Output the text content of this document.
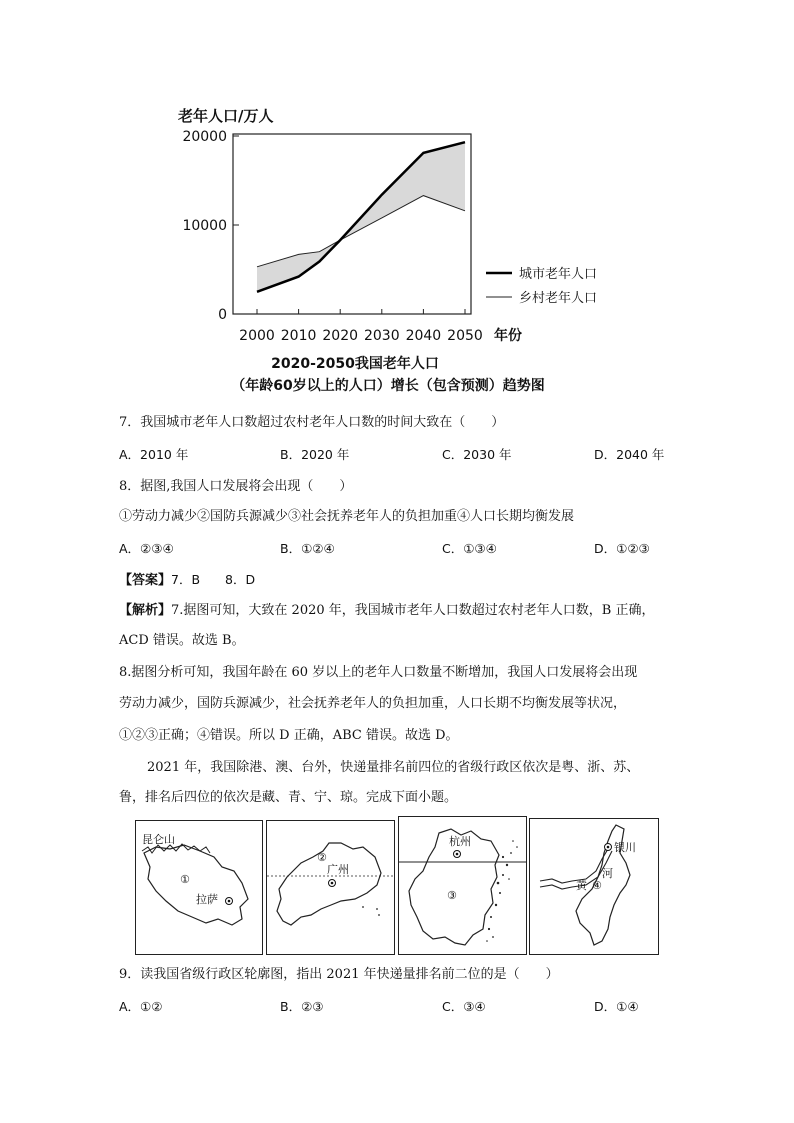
老年人口/万人
0
10000
20000
2000 2010 2020 2030 2040 2050 年份
城市老年人口
乡村老年人口
2020-2050我国老年人口
（年龄60岁以上的人口）增长（包含预测）趋势图
7．我国城市老年人口数超过农村老年人口数的时间大致在（　　）
A．2010 年	B．2020 年	C．2030 年	D．2040 年
8．据图,我国人口发展将会出现（　　）
①劳动力减少②国防兵源减少③社会抚养老年人的负担加重④人口长期均衡发展
A．②③④	B．①②④	C．①③④	D．①②③
【答案】7．B　　8．D
【解析】7.据图可知，大致在 2020 年，我国城市老年人口数超过农村老年人口数，B 正确，
ACD 错误。故选 B。
8.据图分析可知，我国年龄在 60 岁以上的老年人口数量不断增加，我国人口发展将会出现
劳动力减少，国防兵源减少，社会抚养老年人的负担加重，人口长期不均衡发展等状况，
①②③正确；④错误。所以 D 正确，ABC 错误。故选 D。
2021 年，我国除港、澳、台外，快递量排名前四位的省级行政区依次是粤、浙、苏、
鲁，排名后四位的依次是藏、青、宁、琼。完成下面小题。
昆仑山
①
拉萨
②
广州
杭州
③
银川
河
黄 ④
9．读我国省级行政区轮廓图，指出 2021 年快递量排名前二位的是（　　）
A．①②	B．②③	C．③④	D．①④
